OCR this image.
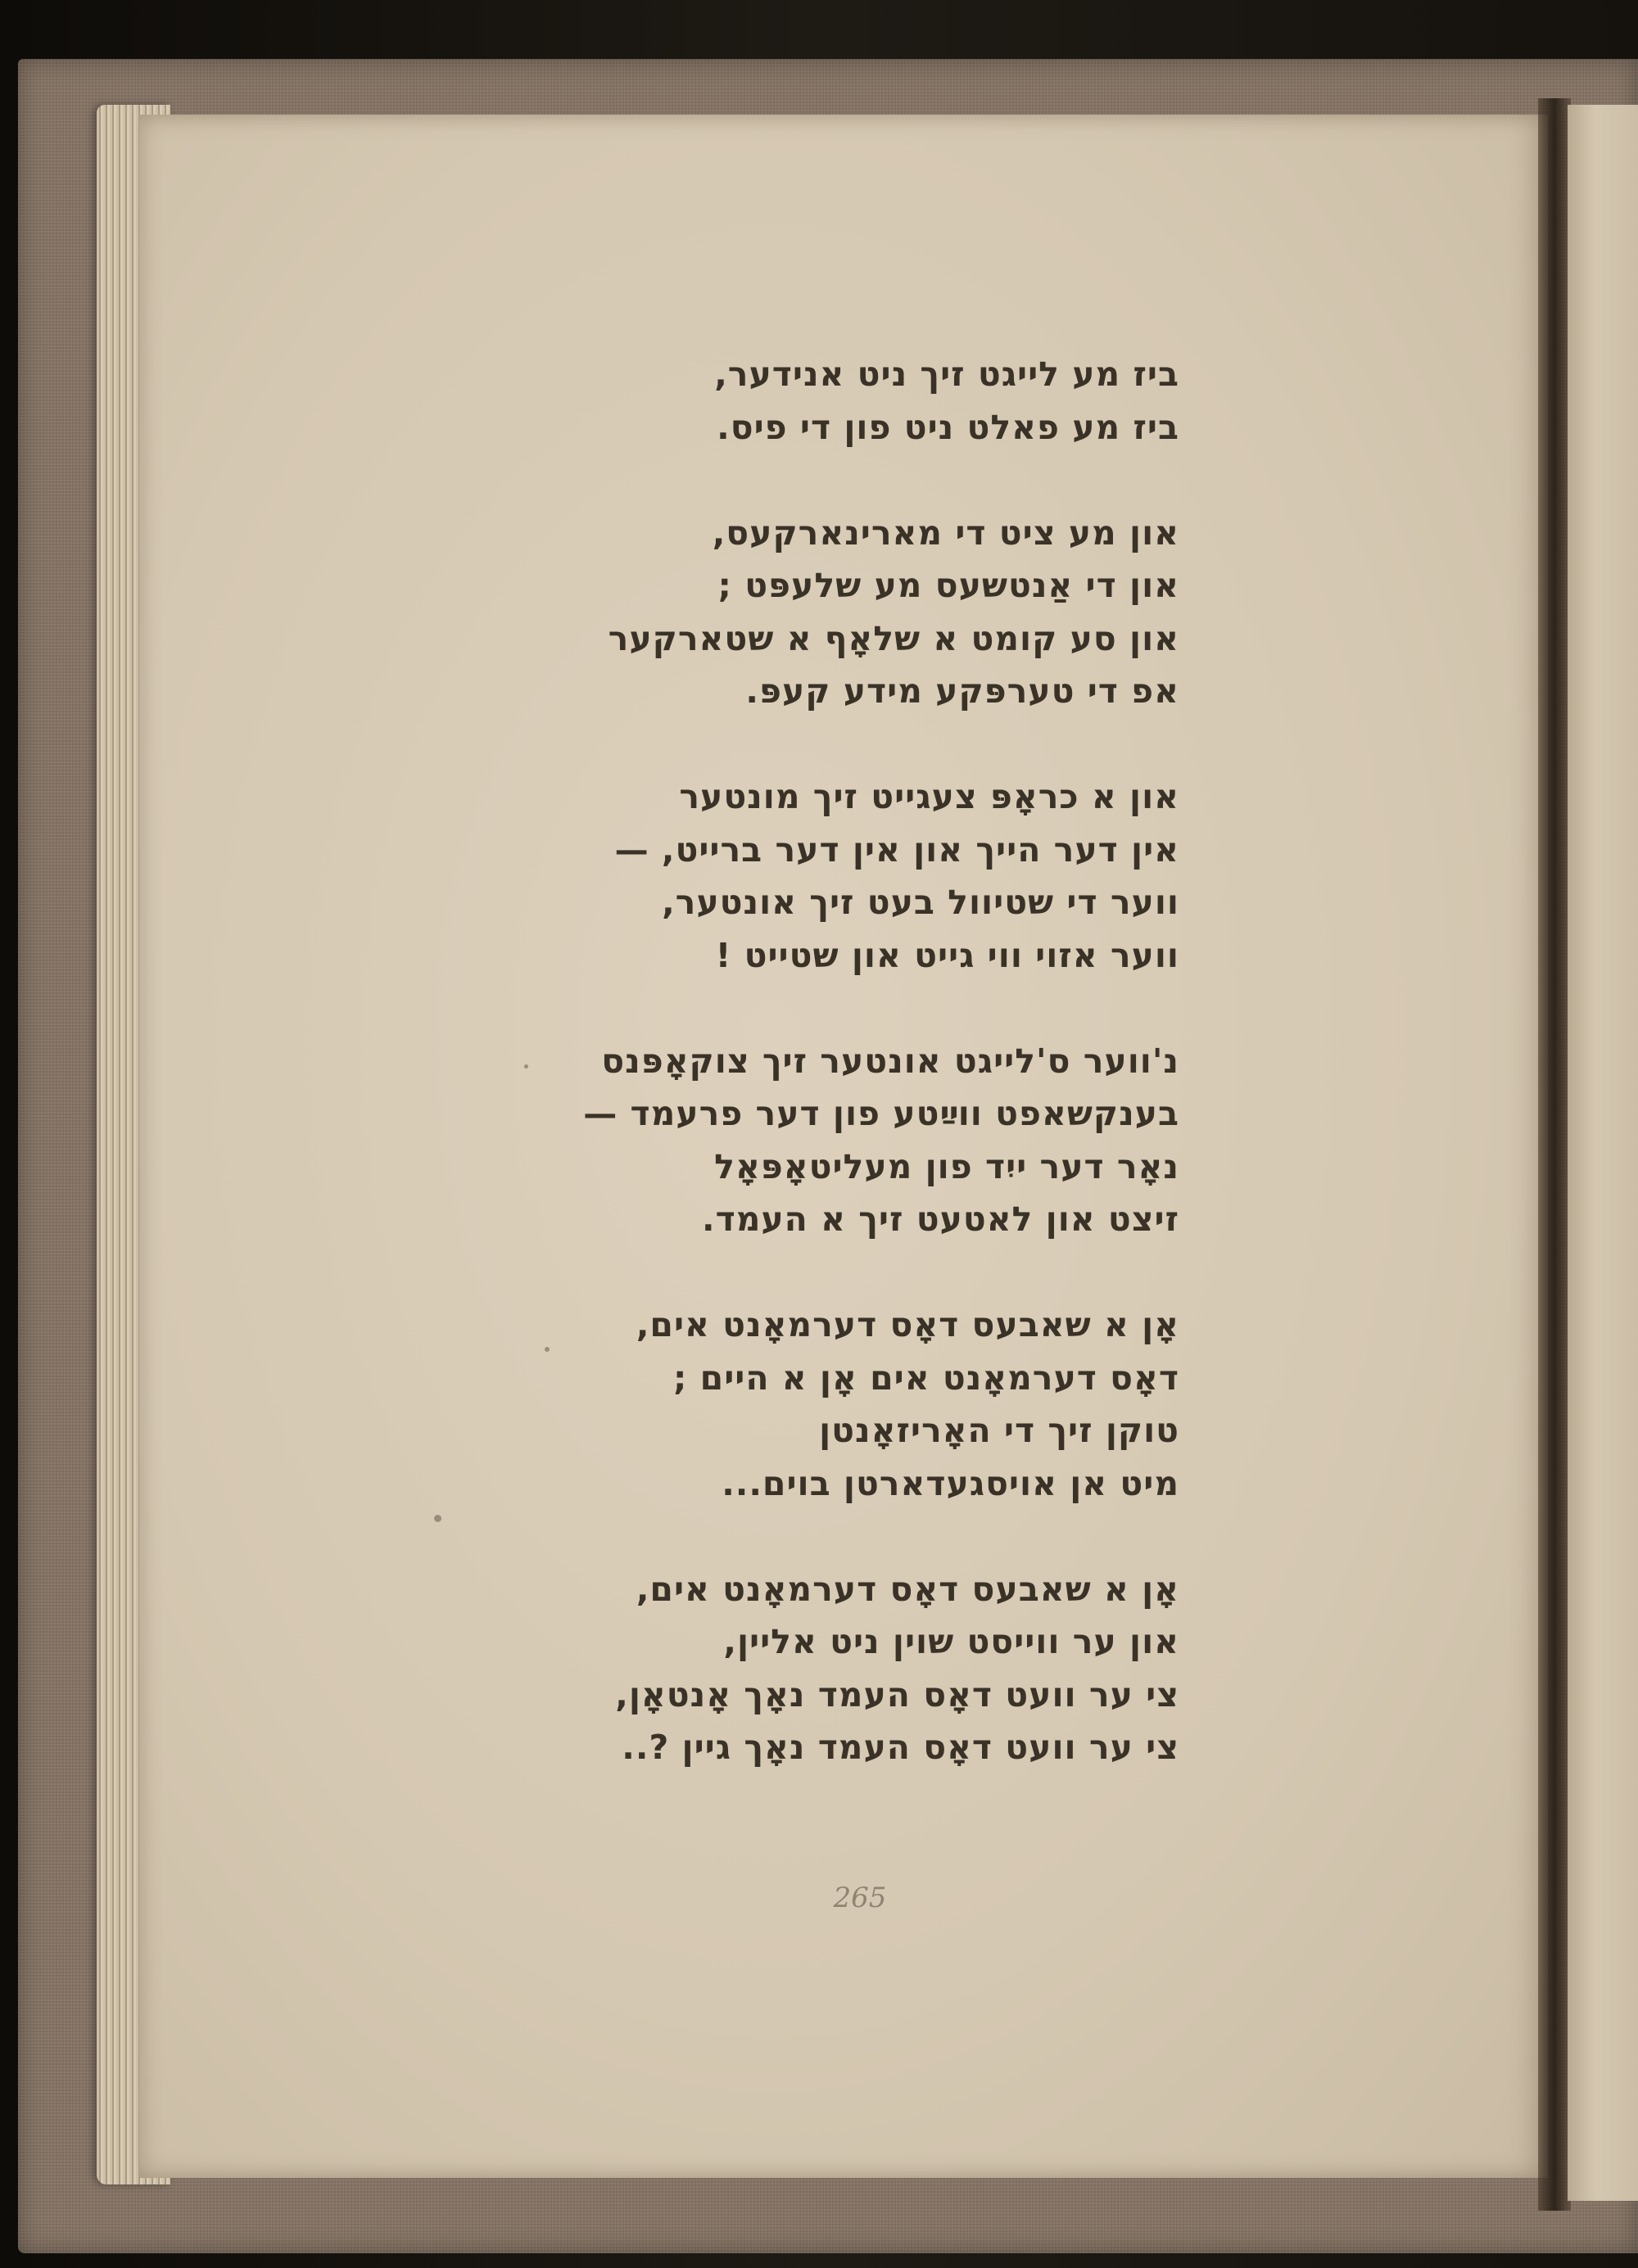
ביז מע לייגט זיך ניט אנידער,
ביז מע פאלט ניט פון די פיס.
און מע ציט די מארינארקעס,
און די אַנטשעס מע שלעפּט ;
און סע קומט א שלאָף א שטארקער
אפ די טערפּקע מידע קעפּ.
און א כראָפּ צעגייט זיך מונטער
אין דער הייך און אין דער ברייט, —
ווער די שטיוול בעט זיך אונטער,
ווער אזוי ווי גייט און שטייט !
נ'ווער ס'לייגט אונטער זיך צוקאָפּנס
בענקשאפט ווײַטע פון דער פרעמד —
נאָר דער ייִד פון מעליטאָפּאָל
זיצט און לאטעט זיך א העמד.
אָן א שאבעס דאָס דערמאָנט אים,
דאָס דערמאָנט אים אָן א היים ;
טוקן זיך די האָריזאָנטן
מיט אן אויסגעדארטן בוים...
אָן א שאבעס דאָס דערמאָנט אים,
און ער ווייסט שוין ניט אליין,
צי ער וועט דאָס העמד נאָך אָנטאָן,
צי ער וועט דאָס העמד נאָך גיין ?..
265
